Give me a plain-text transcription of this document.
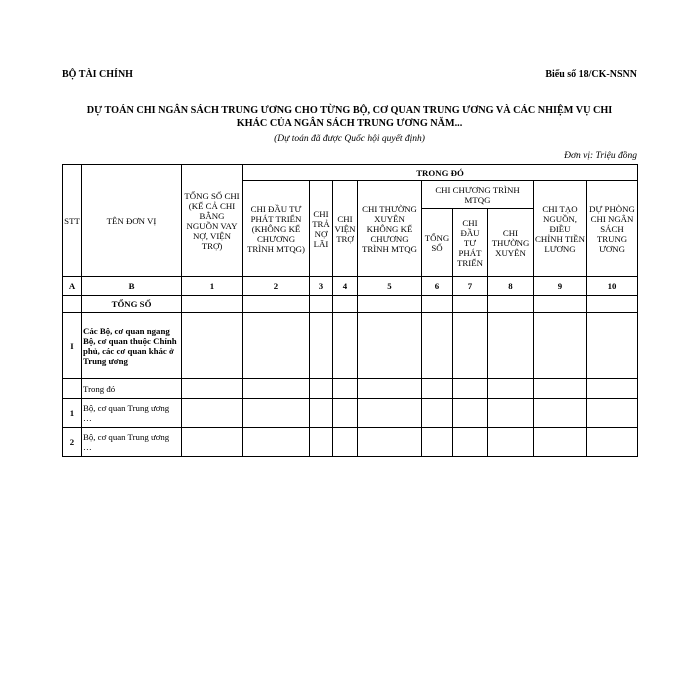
BỘ TÀI CHÍNH	Biểu số 18/CK-NSNN
DỰ TOÁN CHI NGÂN SÁCH TRUNG ƯƠNG CHO TỪNG BỘ, CƠ QUAN TRUNG ƯƠNG VÀ CÁC NHIỆM VỤ CHI
KHÁC CỦA NGÂN SÁCH TRUNG ƯƠNG NĂM...
(Dự toán đã được Quốc hội quyết định)
Đơn vị: Triệu đồng
STT	TÊN ĐƠN VỊ	TỔNG SỐ CHI (KỂ CẢ CHI BẰNG NGUỒN VAY NỢ, VIỆN TRỢ)	TRONG ĐÓ								
			CHI ĐẦU TƯ PHÁT TRIỂN (KHÔNG KỂ CHƯƠNG TRÌNH MTQG)	CHI TRẢ NỢ LÃI	CHI VIỆN TRỢ	CHI THƯỜNG XUYÊN KHÔNG KỂ CHƯƠNG TRÌNH MTQG	CHI CHƯƠNG TRÌNH MTQG			CHI TẠO NGUỒN, ĐIỀU CHỈNH TIỀN LƯƠNG	DỰ PHÒNG CHI NGÂN SÁCH TRUNG ƯƠNG
							TỔNG SỐ	CHI ĐẦU TƯ PHÁT TRIỂN	CHI THƯỜNG XUYÊN		
A	B	1	2	3	4	5	6	7	8	9	10
	TỔNG SỐ										
I	Các Bộ, cơ quan ngang Bộ, cơ quan thuộc Chính phủ, các cơ quan khác ở Trung ương										
	Trong đó										
1	Bộ, cơ quan Trung ương …										
2	Bộ, cơ quan Trung ương …										
